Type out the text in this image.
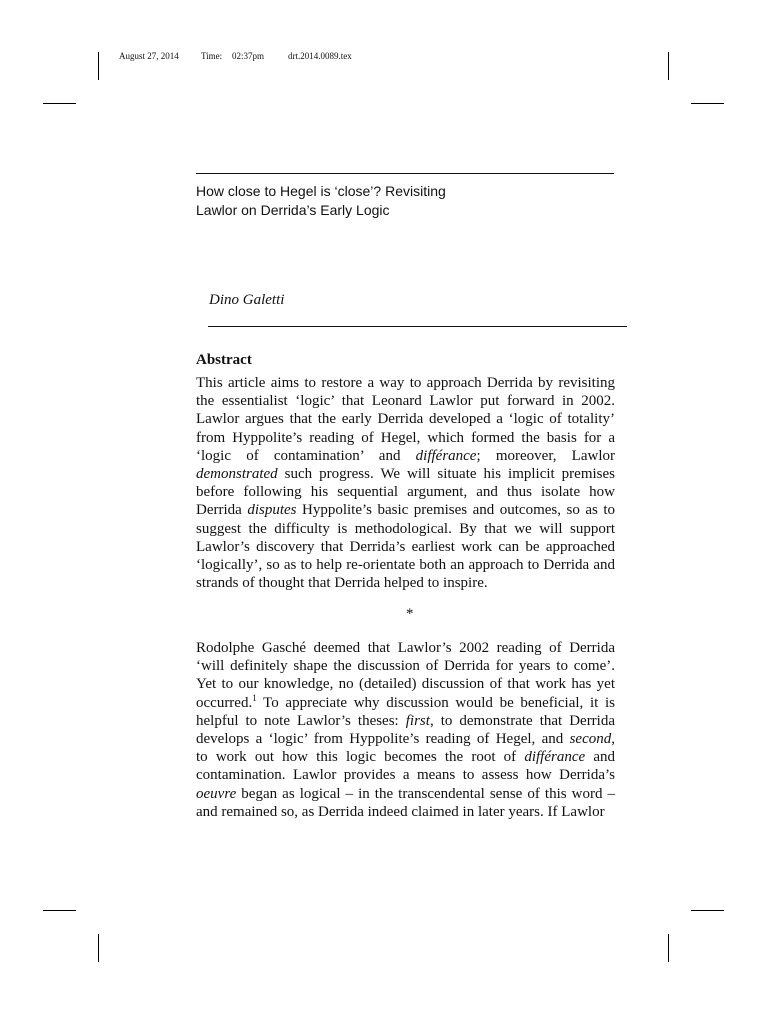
August 27, 2014 Time: 02:37pm	drt.2014.0089.tex
How close to Hegel is ‘close’? Revisiting
Lawlor on Derrida’s Early Logic
Dino Galetti
Abstract
This article aims to restore a way to approach Derrida by revisiting
the essentialist ‘logic’ that Leonard Lawlor put forward in 2002.
Lawlor argues that the early Derrida developed a ‘logic of totality’
from Hyppolite’s reading of Hegel, which formed the basis for a
‘logic of contamination’ and différance; moreover, Lawlor
demonstrated such progress. We will situate his implicit premises
before following his sequential argument, and thus isolate how
Derrida disputes Hyppolite’s basic premises and outcomes, so as to
suggest the difficulty is methodological. By that we will support
Lawlor’s discovery that Derrida’s earliest work can be approached
‘logically’, so as to help re-orientate both an approach to Derrida and
strands of thought that Derrida helped to inspire.
*
Rodolphe Gasché deemed that Lawlor’s 2002 reading of Derrida
‘will definitely shape the discussion of Derrida for years to come’.
Yet to our knowledge, no (detailed) discussion of that work has yet
occurred.$^1$ To appreciate why discussion would be beneficial, it is
helpful to note Lawlor’s theses: first, to demonstrate that Derrida
develops a ‘logic’ from Hyppolite’s reading of Hegel, and second,
to work out how this logic becomes the root of différance and
contamination. Lawlor provides a means to assess how Derrida’s
oeuvre began as logical – in the transcendental sense of this word –
and remained so, as Derrida indeed claimed in later years. If Lawlor
